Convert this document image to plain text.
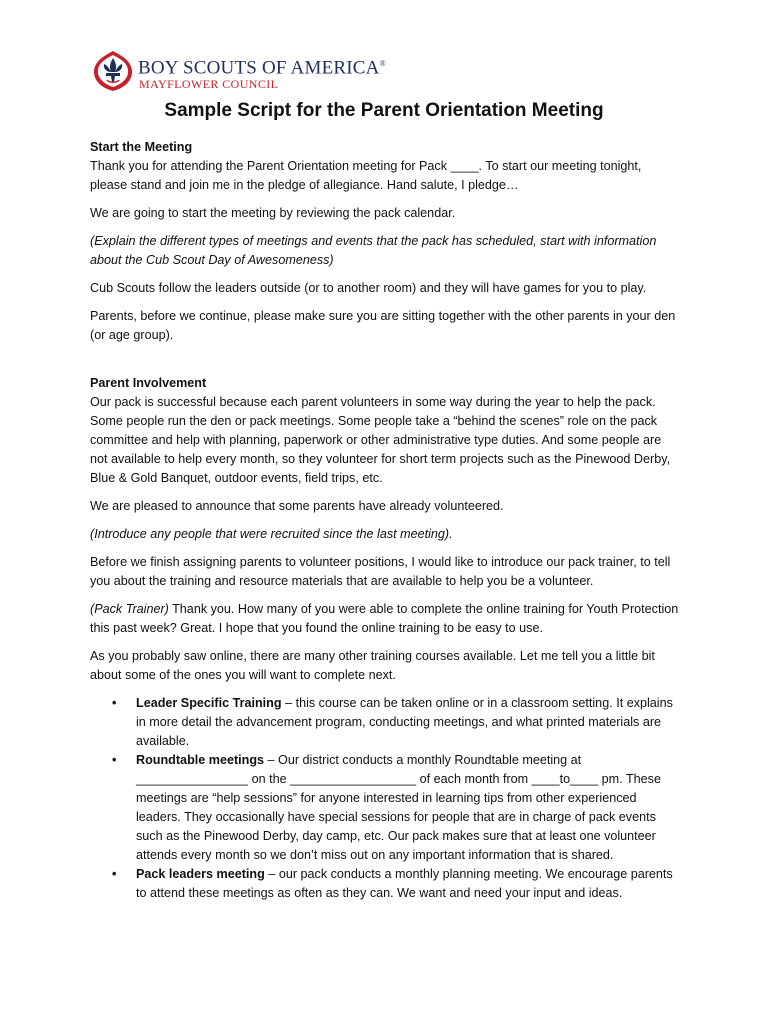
BOY SCOUTS OF AMERICA®
MAYFLOWER COUNCIL
Sample Script for the Parent Orientation Meeting
Start the Meeting
Thank you for attending the Parent Orientation meeting for Pack ____. To start our meeting tonight, please stand and join me in the pledge of allegiance. Hand salute, I pledge…

We are going to start the meeting by reviewing the pack calendar.

(Explain the different types of meetings and events that the pack has scheduled, start with information about the Cub Scout Day of Awesomeness)

Cub Scouts follow the leaders outside (or to another room) and they will have games for you to play.

Parents, before we continue, please make sure you are sitting together with the other parents in your den (or age group).

Parent Involvement
Our pack is successful because each parent volunteers in some way during the year to help the pack. Some people run the den or pack meetings. Some people take a “behind the scenes” role on the pack committee and help with planning, paperwork or other administrative type duties. And some people are not available to help every month, so they volunteer for short term projects such as the Pinewood Derby, Blue & Gold Banquet, outdoor events, field trips, etc.

We are pleased to announce that some parents have already volunteered.

(Introduce any people that were recruited since the last meeting).

Before we finish assigning parents to volunteer positions, I would like to introduce our pack trainer, to tell you about the training and resource materials that are available to help you be a volunteer.

(Pack Trainer) Thank you. How many of you were able to complete the online training for Youth Protection this past week? Great. I hope that you found the online training to be easy to use.

As you probably saw online, there are many other training courses available. Let me tell you a little bit about some of the ones you will want to complete next.

• Leader Specific Training – this course can be taken online or in a classroom setting. It explains in more detail the advancement program, conducting meetings, and what printed materials are available.
• Roundtable meetings – Our district conducts a monthly Roundtable meeting at ________________ on the __________________ of each month from ____to____ pm. These meetings are “help sessions” for anyone interested in learning tips from other experienced leaders. They occasionally have special sessions for people that are in charge of pack events such as the Pinewood Derby, day camp, etc. Our pack makes sure that at least one volunteer attends every month so we don’t miss out on any important information that is shared.
• Pack leaders meeting – our pack conducts a monthly planning meeting. We encourage parents to attend these meetings as often as they can. We want and need your input and ideas.
